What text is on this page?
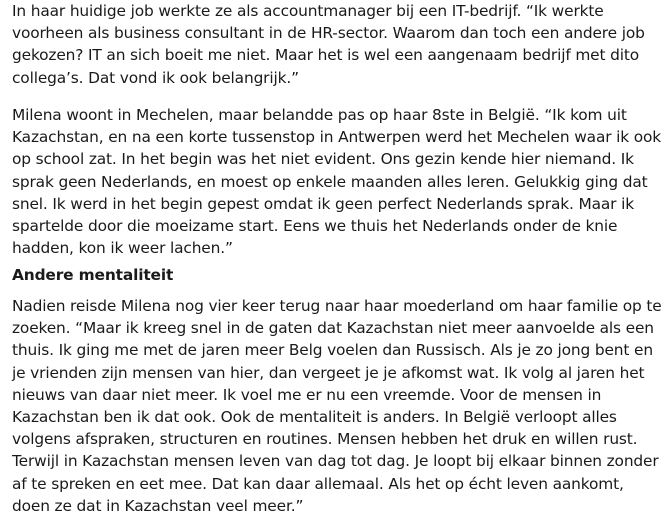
In haar huidige job werkte ze als accountmanager bij een IT-bedrijf. “Ik werkte voorheen als business consultant in de HR-sector. Waarom dan toch een andere job gekozen? IT an sich boeit me niet. Maar het is wel een aangenaam bedrijf met dito collega’s. Dat vond ik ook belangrijk.”

Milena woont in Mechelen, maar belandde pas op haar 8ste in België. “Ik kom uit Kazachstan, en na een korte tussenstop in Antwerpen werd het Mechelen waar ik ook op school zat. In het begin was het niet evident. Ons gezin kende hier niemand. Ik sprak geen Nederlands, en moest op enkele maanden alles leren. Gelukkig ging dat snel. Ik werd in het begin gepest omdat ik geen perfect Nederlands sprak. Maar ik spartelde door die moeizame start. Eens we thuis het Nederlands onder de knie hadden, kon ik weer lachen.”

Andere mentaliteit

Nadien reisde Milena nog vier keer terug naar haar moederland om haar familie op te zoeken. “Maar ik kreeg snel in de gaten dat Kazachstan niet meer aanvoelde als een thuis. Ik ging me met de jaren meer Belg voelen dan Russisch. Als je zo jong bent en je vrienden zijn mensen van hier, dan vergeet je je afkomst wat. Ik volg al jaren het nieuws van daar niet meer. Ik voel me er nu een vreemde. Voor de mensen in Kazachstan ben ik dat ook. Ook de mentaliteit is anders. In België verloopt alles volgens afspraken, structuren en routines. Mensen hebben het druk en willen rust. Terwijl in Kazachstan mensen leven van dag tot dag. Je loopt bij elkaar binnen zonder af te spreken en eet mee. Dat kan daar allemaal. Als het op écht leven aankomt, doen ze dat in Kazachstan veel meer.”
